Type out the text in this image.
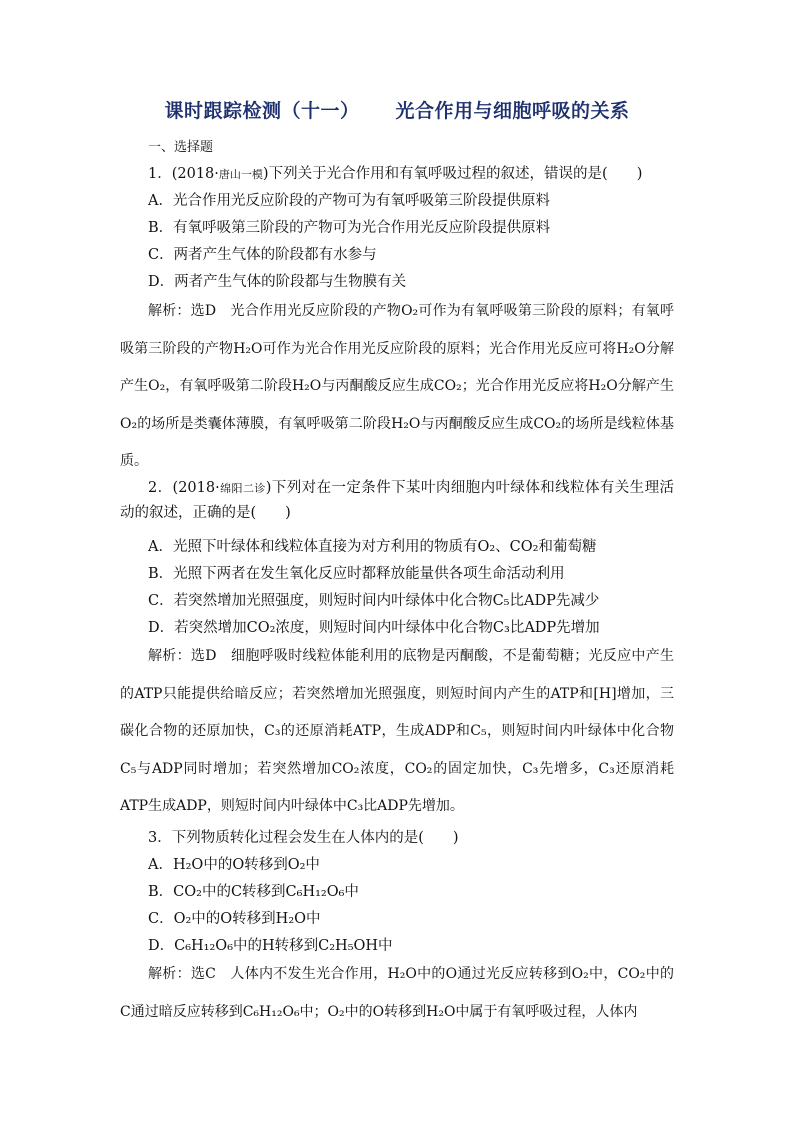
课时跟踪检测（十一） 光合作用与细胞呼吸的关系
一、选择题
1．(2018·唐山一模)下列关于光合作用和有氧呼吸过程的叙述，错误的是(　　)
A．光合作用光反应阶段的产物可为有氧呼吸第三阶段提供原料
B．有氧呼吸第三阶段的产物可为光合作用光反应阶段提供原料
C．两者产生气体的阶段都有水参与
D．两者产生气体的阶段都与生物膜有关
解析：选D　光合作用光反应阶段的产物O₂可作为有氧呼吸第三阶段的原料；有氧呼吸第三阶段的产物H₂O可作为光合作用光反应阶段的原料；光合作用光反应可将H₂O分解产生O₂，有氧呼吸第二阶段H₂O与丙酮酸反应生成CO₂；光合作用光反应将H₂O分解产生O₂的场所是类囊体薄膜，有氧呼吸第二阶段H₂O与丙酮酸反应生成CO₂的场所是线粒体基质。
2．(2018·绵阳二诊)下列对在一定条件下某叶肉细胞内叶绿体和线粒体有关生理活动的叙述，正确的是(　　)
A．光照下叶绿体和线粒体直接为对方利用的物质有O₂、CO₂和葡萄糖
B．光照下两者在发生氧化反应时都释放能量供各项生命活动利用
C．若突然增加光照强度，则短时间内叶绿体中化合物C₅比ADP先减少
D．若突然增加CO₂浓度，则短时间内叶绿体中化合物C₃比ADP先增加
解析：选D　细胞呼吸时线粒体能利用的底物是丙酮酸，不是葡萄糖；光反应中产生的ATP只能提供给暗反应；若突然增加光照强度，则短时间内产生的ATP和[H]增加，三碳化合物的还原加快，C₃的还原消耗ATP，生成ADP和C₅，则短时间内叶绿体中化合物C₅与ADP同时增加；若突然增加CO₂浓度，CO₂的固定加快，C₃先增多，C₃还原消耗ATP生成ADP，则短时间内叶绿体中C₃比ADP先增加。
3．下列物质转化过程会发生在人体内的是(　　)
A．H₂O中的O转移到O₂中
B．CO₂中的C转移到C₆H₁₂O₆中
C．O₂中的O转移到H₂O中
D．C₆H₁₂O₆中的H转移到C₂H₅OH中
解析：选C　人体内不发生光合作用，H₂O中的O通过光反应转移到O₂中，CO₂中的C通过暗反应转移到C₆H₁₂O₆中；O₂中的O转移到H₂O中属于有氧呼吸过程，人体内
